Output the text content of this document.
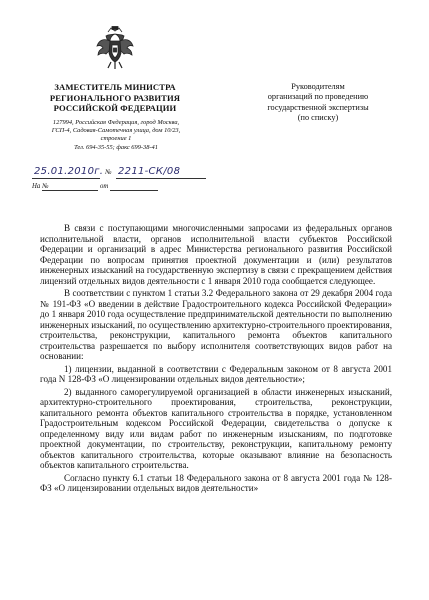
ЗАМЕСТИТЕЛЬ МИНИСТРА
РЕГИОНАЛЬНОГО РАЗВИТИЯ
РОССИЙСКОЙ ФЕДЕРАЦИИ
127994, Российская Федерация, город Москва,
ГСП-4, Садовая-Самотечная улица, дом 10/23,
строение 1
Тел. 694-35-55; факс 699-38-41
Руководителям
организаций по проведению
государственной экспертизы
(по списку)
25.01.2010г. № 2211-СК/08
На №	от

В связи с поступающими многочисленными запросами из федеральных органов исполнительной власти, органов исполнительной власти субъектов Российской Федерации и организаций в адрес Министерства регионального развития Российской Федерации по вопросам принятия проектной документации и (или) результатов инженерных изысканий на государственную экспертизу в связи с прекращением действия лицензий отдельных видов деятельности с 1 января 2010 года сообщается следующее.

В соответствии с пунктом 1 статьи 3.2 Федерального закона от 29 декабря 2004 года № 191-ФЗ «О введении в действие Градостроительного кодекса Российской Федерации» до 1 января 2010 года осуществление предпринимательской деятельности по выполнению инженерных изысканий, по осуществлению архитектурно-строительного проектирования, строительства, реконструкции, капитального ремонта объектов капитального строительства разрешается по выбору исполнителя соответствующих видов работ на основании:

1) лицензии, выданной в соответствии с Федеральным законом от 8 августа 2001 года N 128-ФЗ «О лицензировании отдельных видов деятельности»;

2) выданного саморегулируемой организацией в области инженерных изысканий, архитектурно-строительного проектирования, строительства, реконструкции, капитального ремонта объектов капитального строительства в порядке, установленном Градостроительным кодексом Российской Федерации, свидетельства о допуске к определенному виду или видам работ по инженерным изысканиям, по подготовке проектной документации, по строительству, реконструкции, капитальному ремонту объектов капитального строительства, которые оказывают влияние на безопасность объектов капитального строительства.

Согласно пункту 6.1 статьи 18 Федерального закона от 8 августа 2001 года № 128-ФЗ «О лицензировании отдельных видов деятельности»
